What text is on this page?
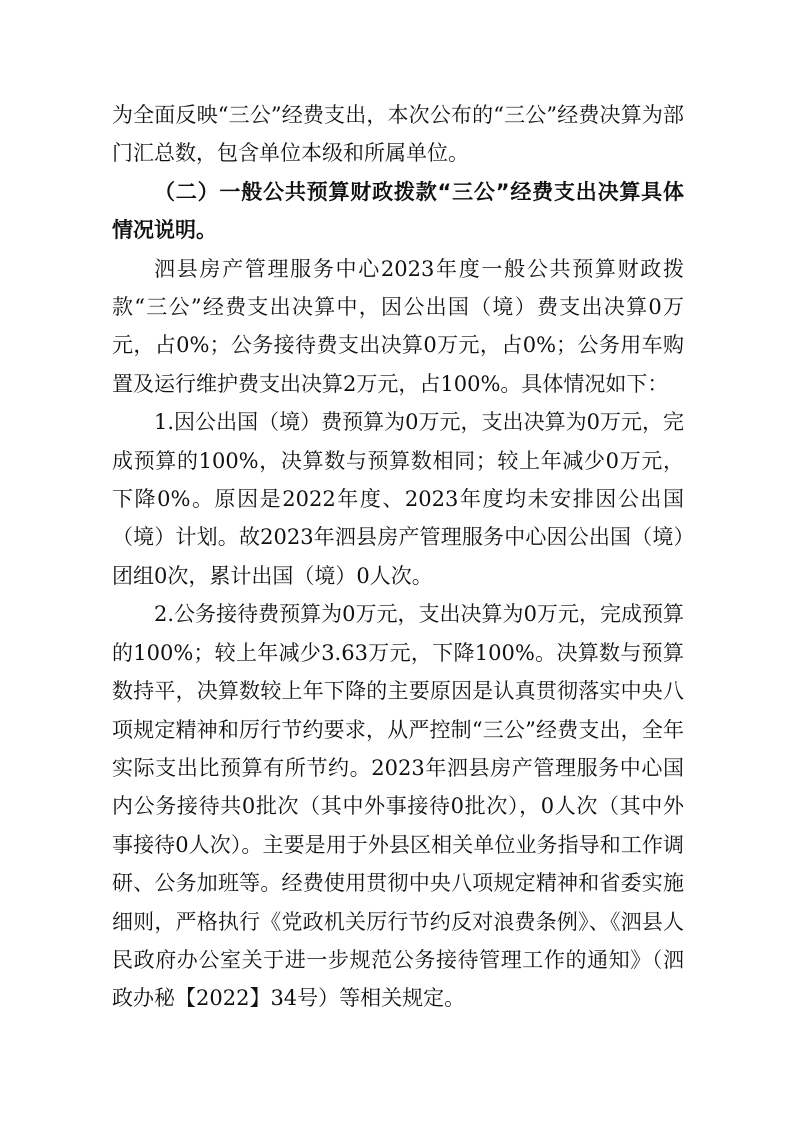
为全面反映“三公”经费支出，本次公布的“三公”经费决算为部门汇总数，包含单位本级和所属单位。

（二）一般公共预算财政拨款“三公”经费支出决算具体情况说明。

泗县房产管理服务中心2023年度一般公共预算财政拨款“三公”经费支出决算中，因公出国（境）费支出决算0万元，占0%；公务接待费支出决算0万元，占0%；公务用车购置及运行维护费支出决算2万元，占100%。具体情况如下：

1.因公出国（境）费预算为0万元，支出决算为0万元，完成预算的100%，决算数与预算数相同；较上年减少0万元，下降0%。原因是2022年度、2023年度均未安排因公出国（境）计划。故2023年泗县房产管理服务中心因公出国（境）团组0次，累计出国（境）0人次。

2.公务接待费预算为0万元，支出决算为0万元，完成预算的100%；较上年减少3.63万元，下降100%。决算数与预算数持平，决算数较上年下降的主要原因是认真贯彻落实中央八项规定精神和厉行节约要求，从严控制“三公”经费支出，全年实际支出比预算有所节约。2023年泗县房产管理服务中心国内公务接待共0批次（其中外事接待0批次），0人次（其中外事接待0人次）。主要是用于外县区相关单位业务指导和工作调研、公务加班等。经费使用贯彻中央八项规定精神和省委实施细则，严格执行《党政机关厉行节约反对浪费条例》、《泗县人民政府办公室关于进一步规范公务接待管理工作的通知》（泗政办秘【2022】34号）等相关规定。
